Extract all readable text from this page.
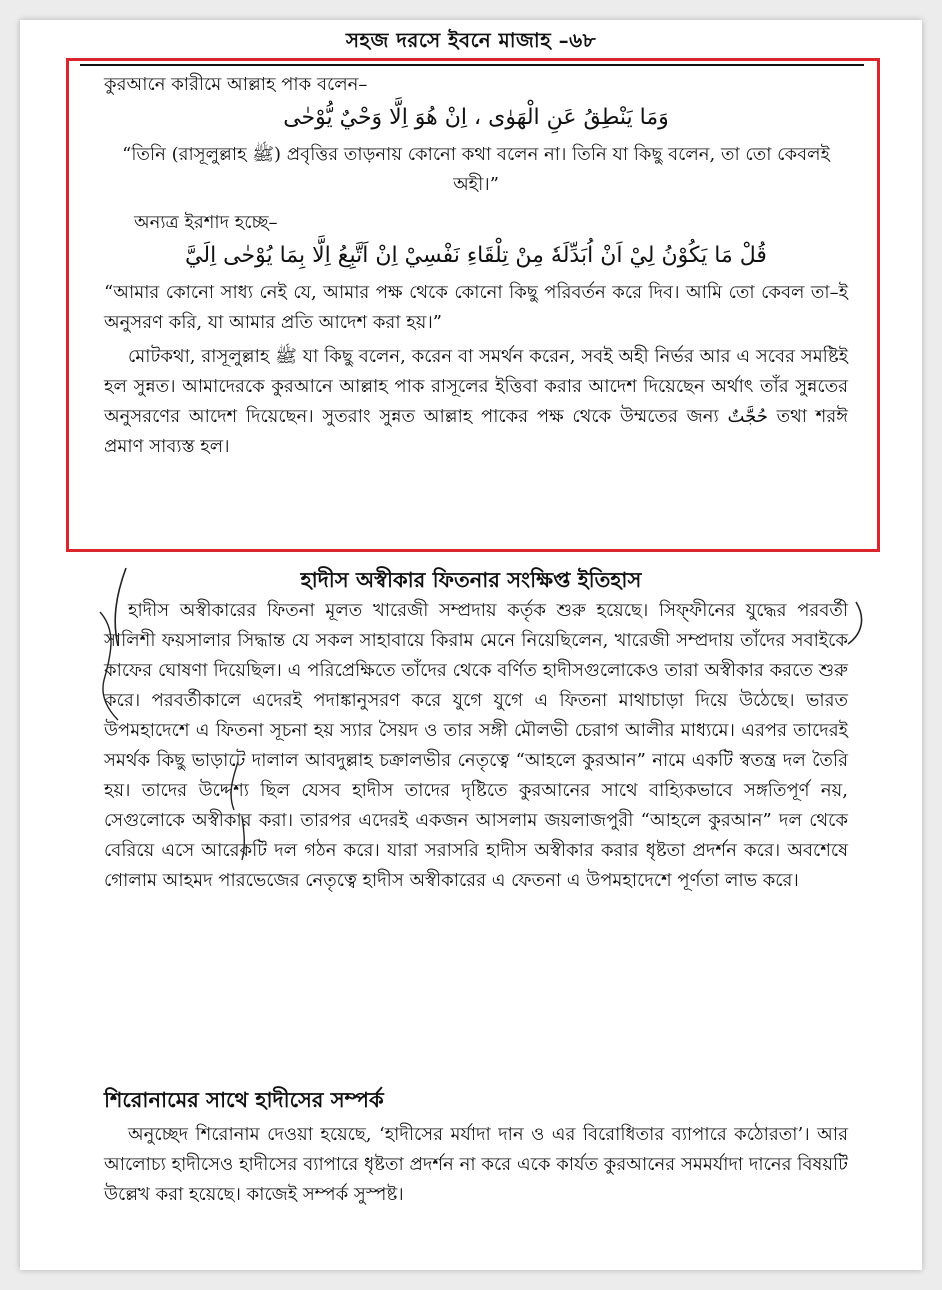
সহজ দরসে ইবনে মাজাহ –৬৮

কুরআনে কারীমে আল্লাহ পাক বলেন–

وَمَا يَنْطِقُ عَنِ الْهَوٰى ، اِنْ هُوَ اِلَّا وَحْيٌ يُّوْحٰى

“তিনি (রাসূলুল্লাহ ﷺ) প্রবৃত্তির তাড়নায় কোনো কথা বলেন না। তিনি যা কিছু বলেন, তা তো কেবলই অহী।”

অন্যত্র ইরশাদ হচ্ছে–

قُلْ مَا يَكُوْنُ لِيْ اَنْ اُبَدِّلَهٗ مِنْ تِلْقَاءِ نَفْسِيْ اِنْ اَتَّبِعُ اِلَّا بِمَا يُوْحٰى اِلَيَّ

“আমার কোনো সাধ্য নেই যে, আমার পক্ষ থেকে কোনো কিছু পরিবর্তন করে দিব। আমি তো কেবল তা–ই অনুসরণ করি, যা আমার প্রতি আদেশ করা হয়।”

মোটকথা, রাসূলুল্লাহ ﷺ যা কিছু বলেন, করেন বা সমর্থন করেন, সবই অহী নির্ভর আর এ সবের সমষ্টিই হল সুন্নত। আমাদেরকে কুরআনে আল্লাহ পাক রাসূলের ইত্তিবা করার আদেশ দিয়েছেন অর্থাৎ তাঁর সুন্নতের অনুসরণের আদেশ দিয়েছেন। সুতরাং সুন্নত আল্লাহ পাকের পক্ষ থেকে উম্মতের জন্য حُجَّتٌ তথা শরঈ প্রমাণ সাব্যস্ত হল।

হাদীস অস্বীকার ফিতনার সংক্ষিপ্ত ইতিহাস

হাদীস অস্বীকারের ফিতনা মূলত খারেজী সম্প্রদায় কর্তৃক শুরু হয়েছে। সিফ্ফীনের যুদ্ধের পরবর্তী সালিশী ফয়সালার সিদ্ধান্ত যে সকল সাহাবায়ে কিরাম মেনে নিয়েছিলেন, খারেজী সম্প্রদায় তাঁদের সবাইকে কাফের ঘোষণা দিয়েছিল। এ পরিপ্রেক্ষিতে তাঁদের থেকে বর্ণিত হাদীসগুলোকেও তারা অস্বীকার করতে শুরু করে। পরবর্তীকালে এদেরই পদাঙ্কানুসরণ করে যুগে যুগে এ ফিতনা মাথাচাড়া দিয়ে উঠেছে। ভারত উপমহাদেশে এ ফিতনা সূচনা হয় স্যার সৈয়দ ও তার সঙ্গী মৌলভী চেরাগ আলীর মাধ্যমে। এরপর তাদেরই সমর্থক কিছু ভাড়াটে দালাল আবদুল্লাহ চক্রালভীর নেতৃত্বে “আহলে কুরআন” নামে একটি স্বতন্ত্র দল তৈরি হয়। তাদের উদ্দেশ্য ছিল যেসব হাদীস তাদের দৃষ্টিতে কুরআনের সাথে বাহ্যিকভাবে সঙ্গতিপূর্ণ নয়, সেগুলোকে অস্বীকার করা। তারপর এদেরই একজন আসলাম জয়লাজপুরী “আহলে কুরআন” দল থেকে বেরিয়ে এসে আরেকটি দল গঠন করে। যারা সরাসরি হাদীস অস্বীকার করার ধৃষ্টতা প্রদর্শন করে। অবশেষে গোলাম আহমদ পারভেজের নেতৃত্বে হাদীস অস্বীকারের এ ফেতনা এ উপমহাদেশে পূর্ণতা লাভ করে।

শিরোনামের সাথে হাদীসের সম্পর্ক

অনুচ্ছেদ শিরোনাম দেওয়া হয়েছে, ‘হাদীসের মর্যাদা দান ও এর বিরোধিতার ব্যাপারে কঠোরতা’। আর আলোচ্য হাদীসেও হাদীসের ব্যাপারে ধৃষ্টতা প্রদর্শন না করে একে কার্যত কুরআনের সমমর্যাদা দানের বিষয়টি উল্লেখ করা হয়েছে। কাজেই সম্পর্ক সুস্পষ্ট।
